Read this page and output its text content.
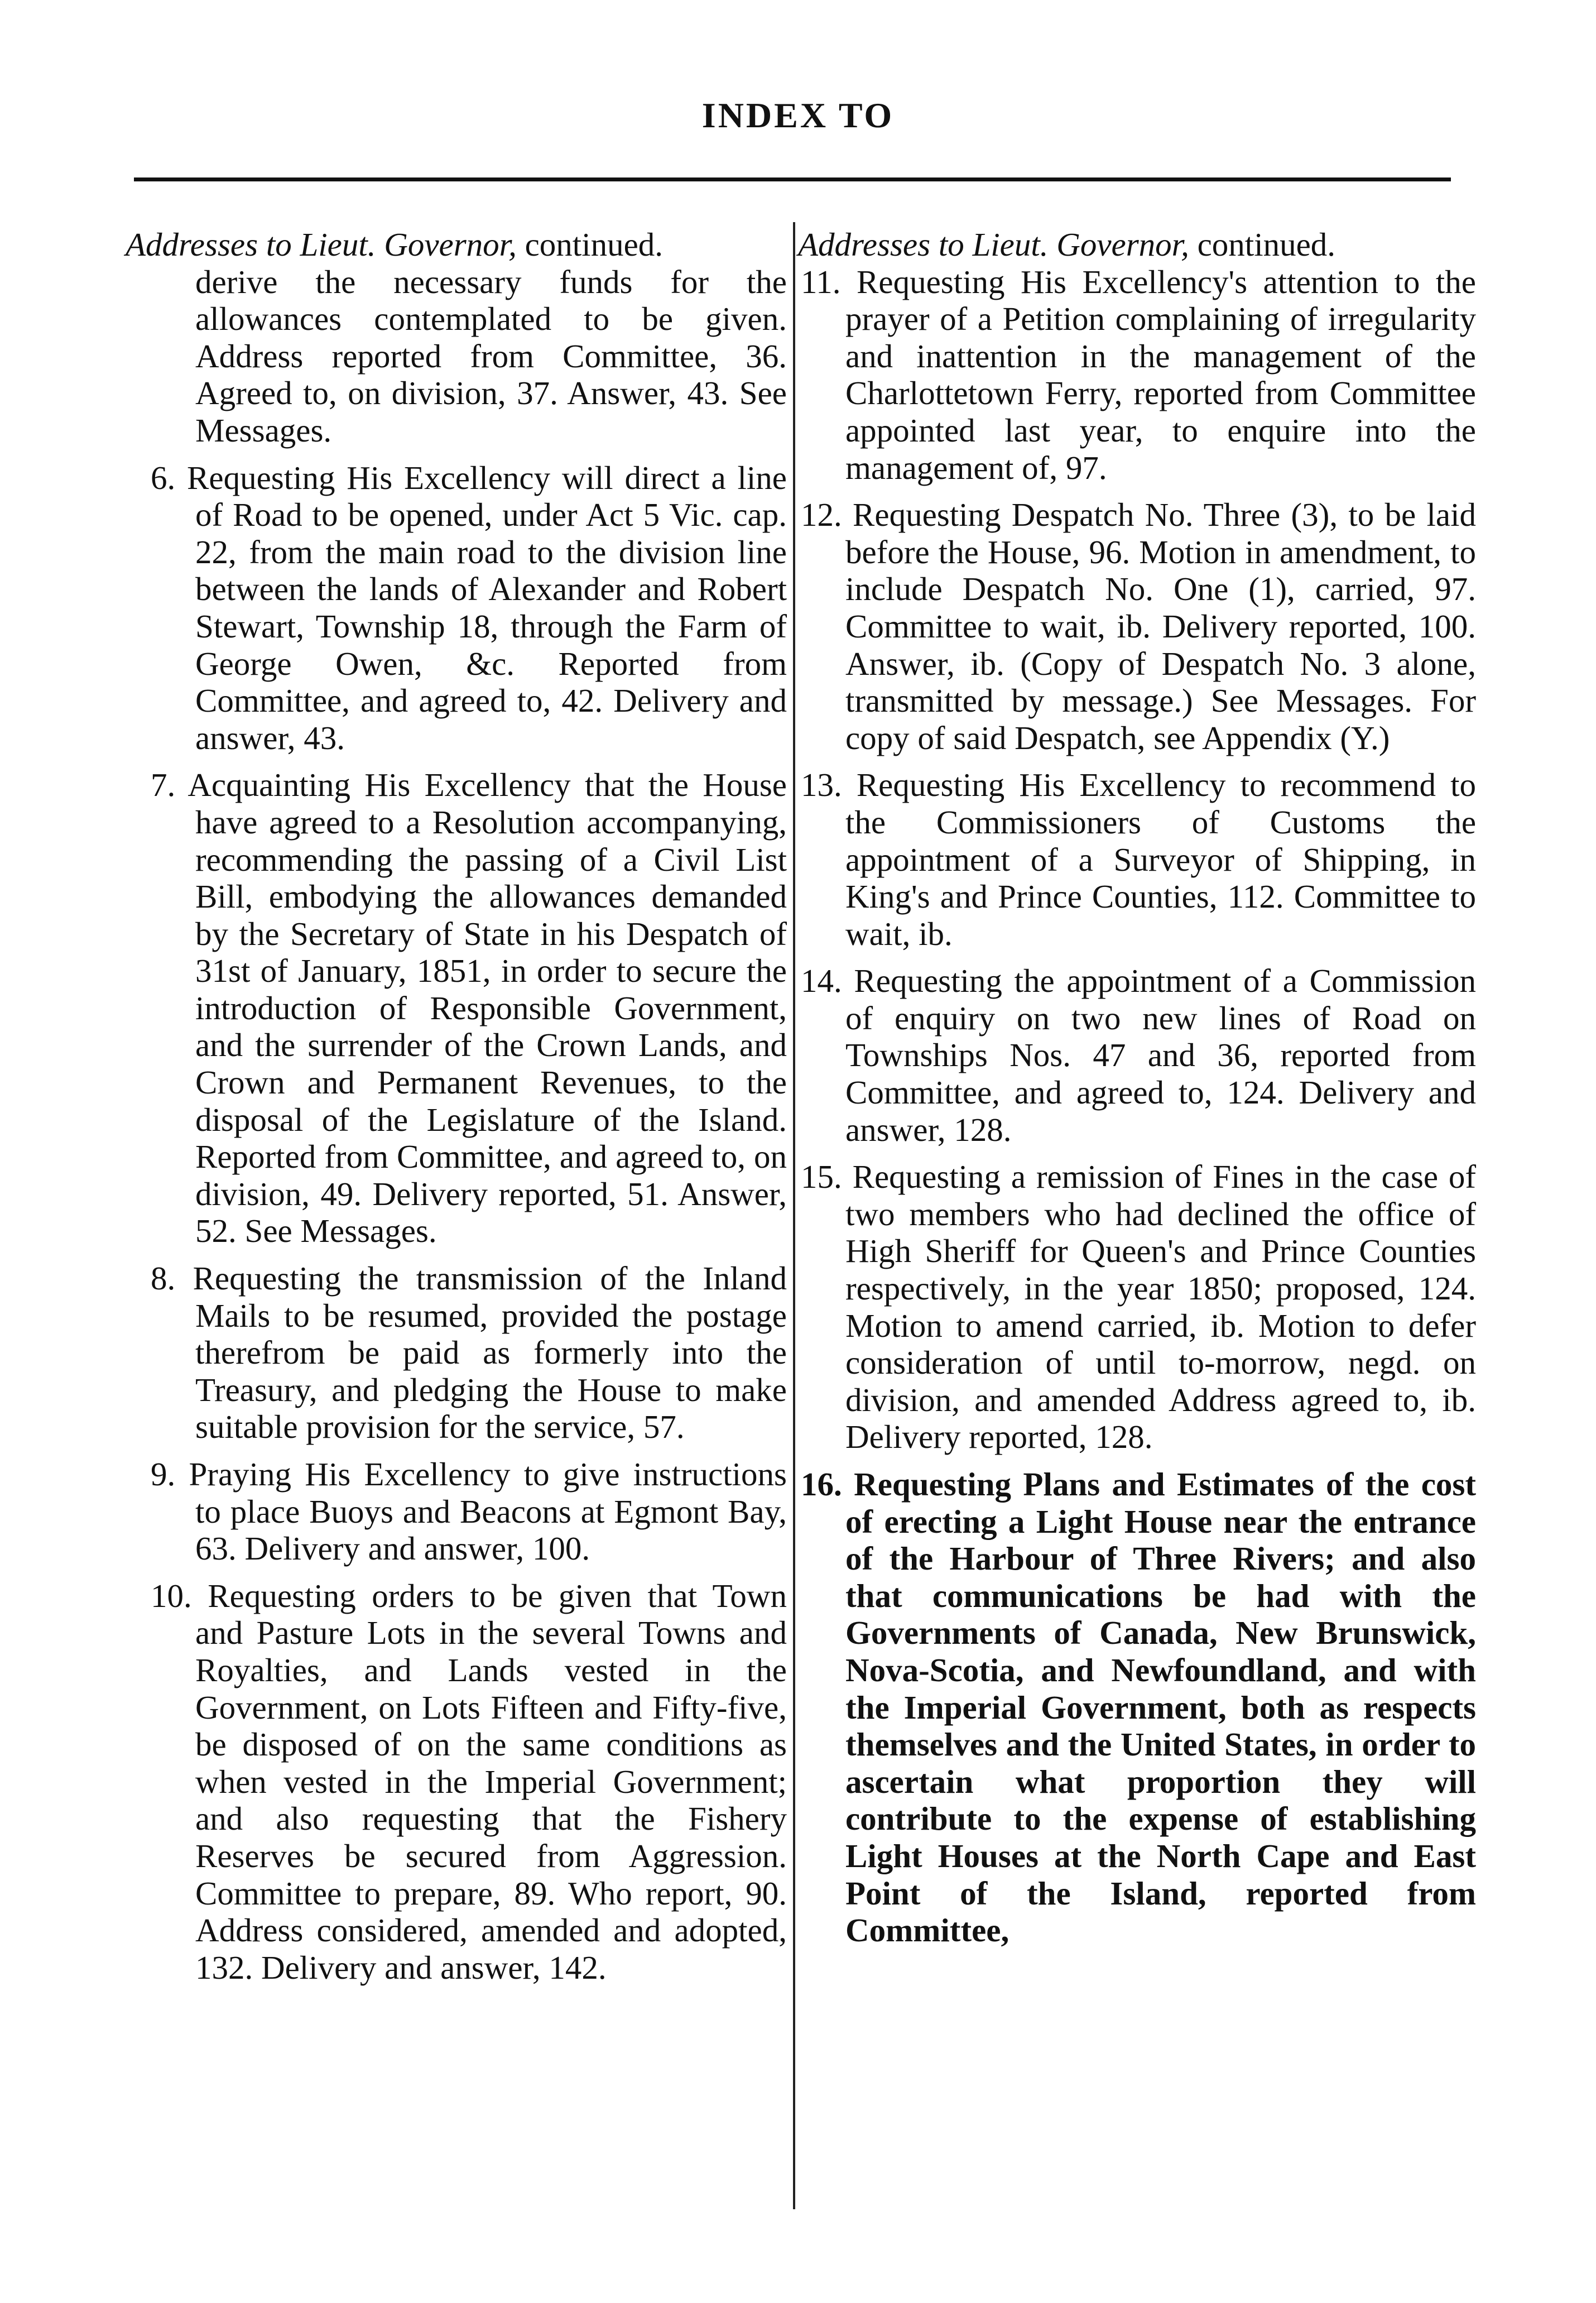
INDEX TO
Addresses to Lieut. Governor, continued.

derive the necessary funds for the allowances contemplated to be given. Address reported from Committee, 36. Agreed to, on division, 37. Answer, 43. See Messages.

6. Requesting His Excellency will direct a line of Road to be opened, under Act 5 Vic. cap. 22, from the main road to the division line between the lands of Alexander and Robert Stewart, Township 18, through the Farm of George Owen, &c. Reported from Committee, and agreed to, 42. Delivery and answer, 43.

7. Acquainting His Excellency that the House have agreed to a Resolution accompanying, recommending the passing of a Civil List Bill, embodying the allowances demanded by the Secretary of State in his Despatch of 31st of January, 1851, in order to secure the introduction of Responsible Government, and the surrender of the Crown Lands, and Crown and Permanent Revenues, to the disposal of the Legislature of the Island. Reported from Committee, and agreed to, on division, 49. Delivery reported, 51. Answer, 52. See Messages.

8. Requesting the transmission of the Inland Mails to be resumed, provided the postage therefrom be paid as formerly into the Treasury, and pledging the House to make suitable provision for the service, 57.

9. Praying His Excellency to give instructions to place Buoys and Beacons at Egmont Bay, 63. Delivery and answer, 100.

10. Requesting orders to be given that Town and Pasture Lots in the several Towns and Royalties, and Lands vested in the Government, on Lots Fifteen and Fifty-five, be disposed of on the same conditions as when vested in the Imperial Government; and also requesting that the Fishery Reserves be secured from Aggression. Committee to prepare, 89. Who report, 90. Address considered, amended and adopted, 132. Delivery and answer, 142.

Addresses to Lieut. Governor, continued.

11. Requesting His Excellency's attention to the prayer of a Petition complaining of irregularity and inattention in the management of the Charlottetown Ferry, reported from Committee appointed last year, to enquire into the management of, 97.

12. Requesting Despatch No. Three (3), to be laid before the House, 96. Motion in amendment, to include Despatch No. One (1), carried, 97. Committee to wait, ib. Delivery reported, 100. Answer, ib. (Copy of Despatch No. 3 alone, transmitted by message.) See Messages. For copy of said Despatch, see Appendix (Y.)

13. Requesting His Excellency to recommend to the Commissioners of Customs the appointment of a Surveyor of Shipping, in King's and Prince Counties, 112. Committee to wait, ib.

14. Requesting the appointment of a Commission of enquiry on two new lines of Road on Townships Nos. 47 and 36, reported from Committee, and agreed to, 124. Delivery and answer, 128.

15. Requesting a remission of Fines in the case of two members who had declined the office of High Sheriff for Queen's and Prince Counties respectively, in the year 1850; proposed, 124. Motion to amend carried, ib. Motion to defer consideration of until to-morrow, negd. on division, and amended Address agreed to, ib. Delivery reported, 128.

16. Requesting Plans and Estimates of the cost of erecting a Light House near the entrance of the Harbour of Three Rivers; and also that communications be had with the Governments of Canada, New Brunswick, Nova-Scotia, and Newfoundland, and with the Imperial Government, both as respects themselves and the United States, in order to ascertain what proportion they will contribute to the expense of establishing Light Houses at the North Cape and East Point of the Island, reported from Committee,
